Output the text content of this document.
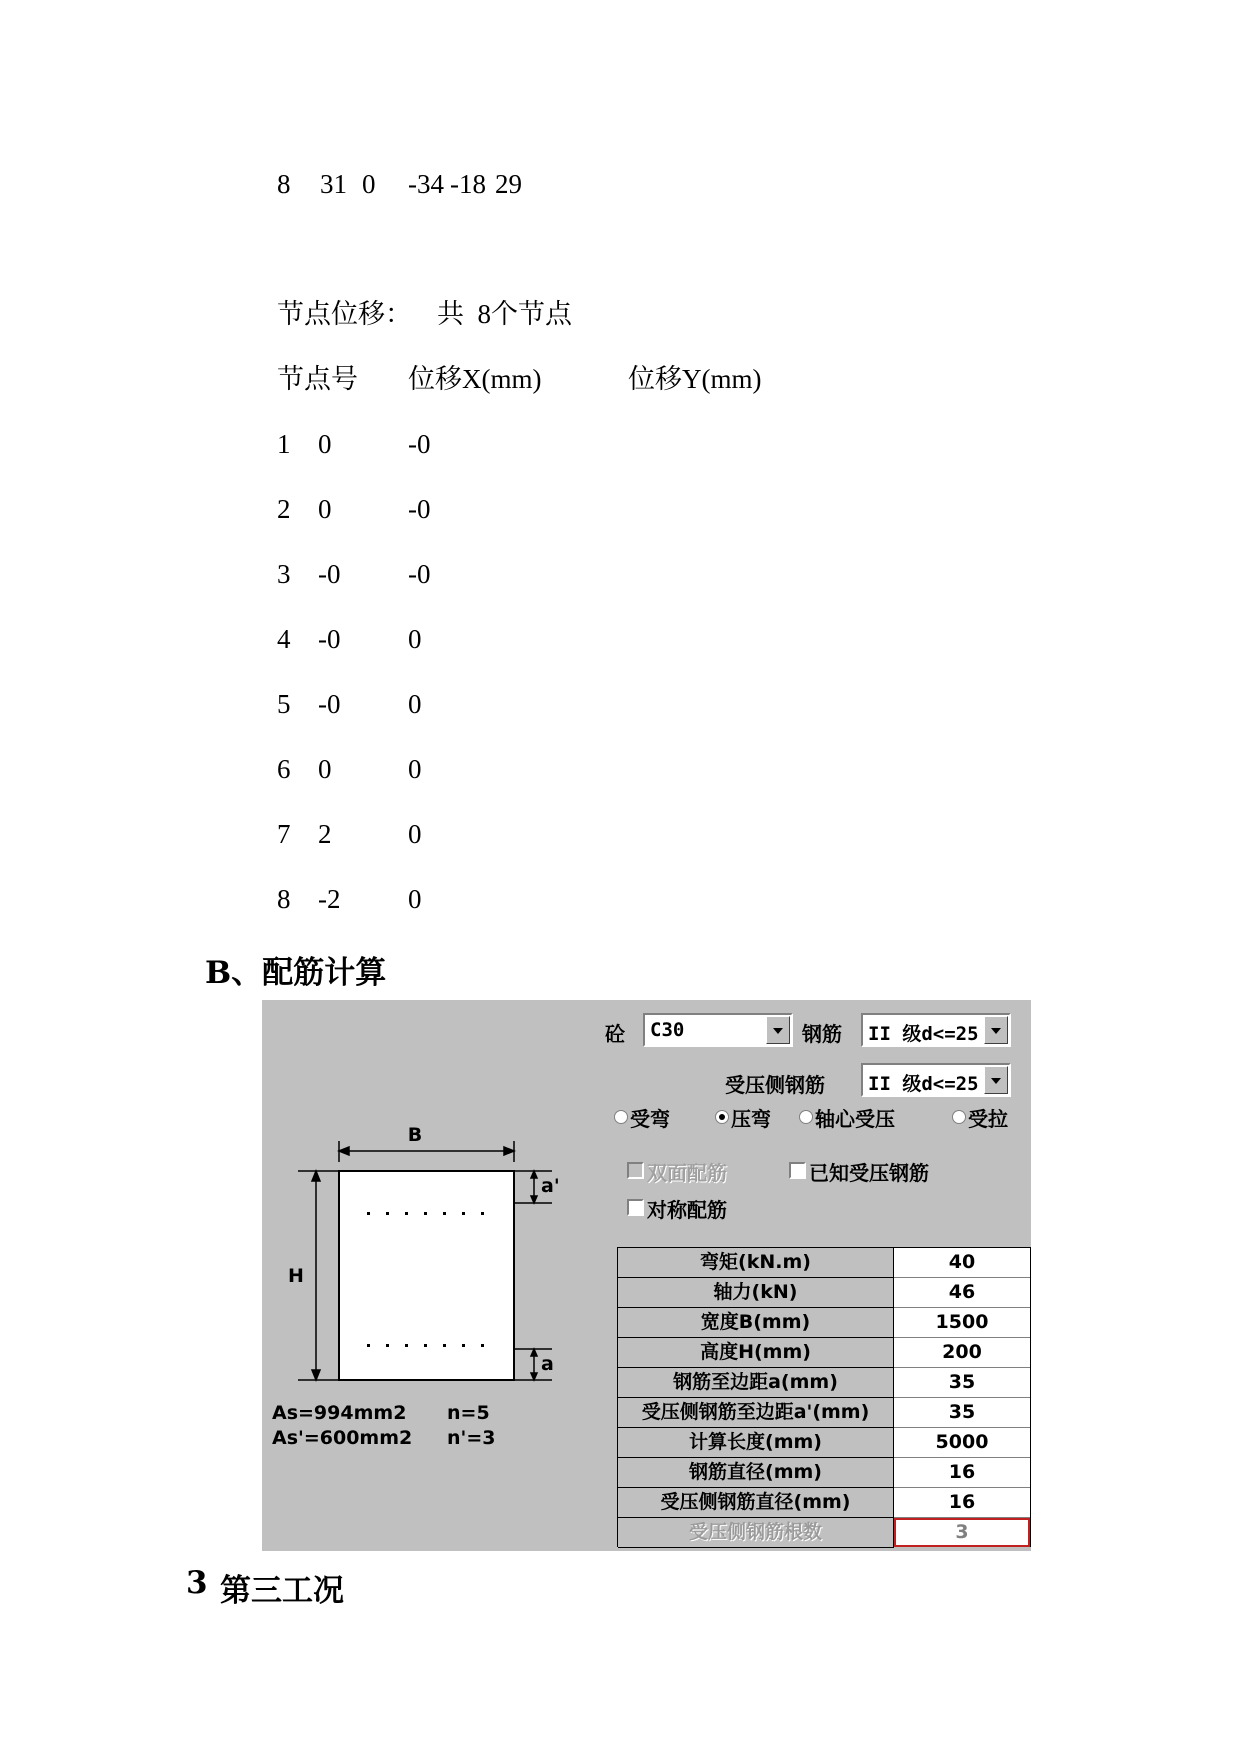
8 31 0 -34 -18 29
节点位移： 共  8个节点
节点号 位移X(mm)	位移Y(mm)
1 0	-0
2 0	-0
3 -0	-0
4 -0	0
5 -0	0
6 0	0
7 2	0
8 -2	0
B、配筋计算
砼 C30	钢筋 II 级d<=25
受压侧钢筋 II 级d<=25
受弯	压弯 轴心受压	受拉
双面配筋	已知受压钢筋
对称配筋
B
H
a'
a
As=994mm2 n=5
As'=600mm2 n'=3
弯矩(kN.m)	40
轴力(kN)	46
宽度B(mm)	1500
高度H(mm)	200
钢筋至边距a(mm)	35
受压侧钢筋至边距a'(mm)	35
计算长度(mm)	5000
钢筋直径(mm)	16
受压侧钢筋直径(mm)	16
受压侧钢筋根数	3
3 第三工况
